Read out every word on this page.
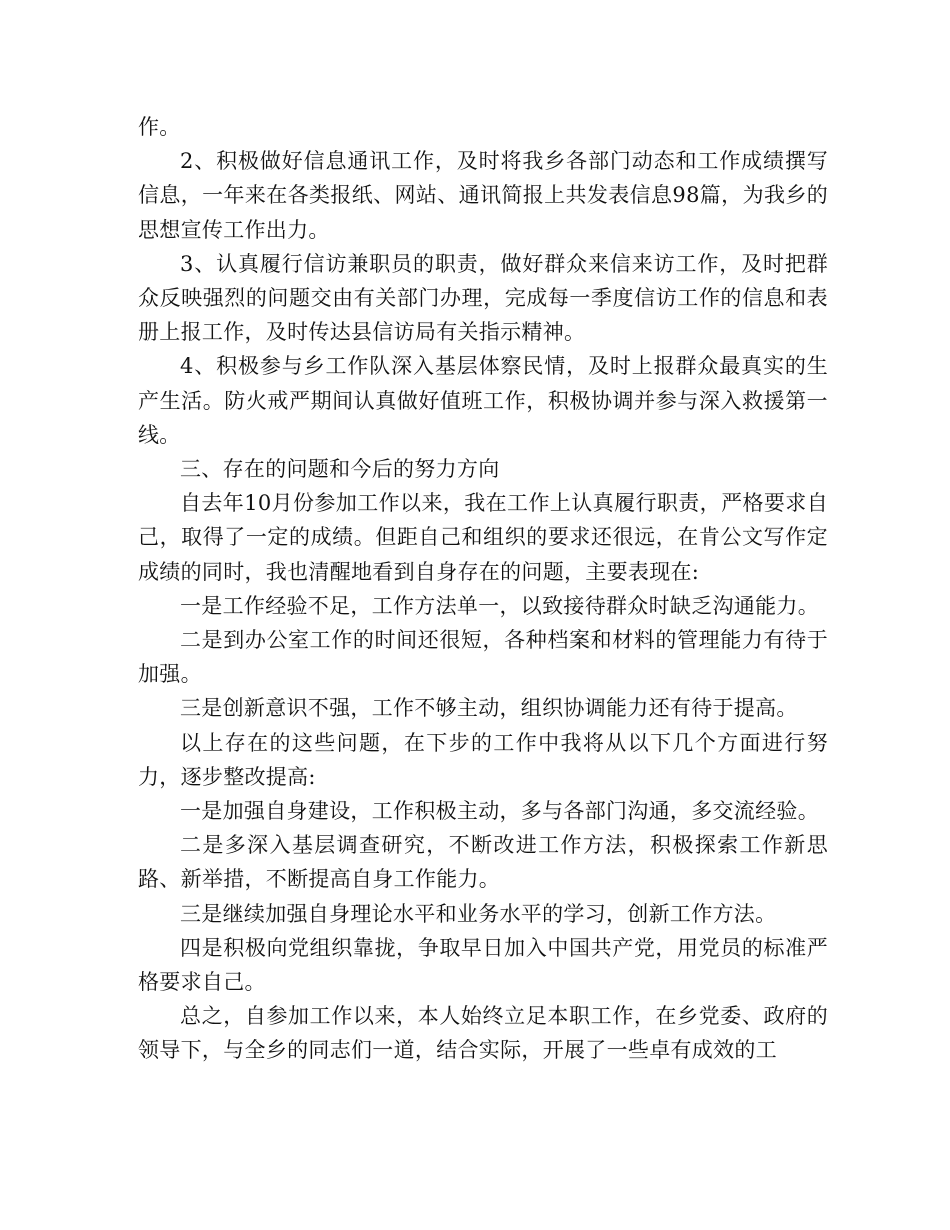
作。

2、积极做好信息通讯工作，及时将我乡各部门动态和工作成绩撰写信息，一年来在各类报纸、网站、通讯简报上共发表信息98篇，为我乡的思想宣传工作出力。

3、认真履行信访兼职员的职责，做好群众来信来访工作，及时把群众反映强烈的问题交由有关部门办理，完成每一季度信访工作的信息和表册上报工作，及时传达县信访局有关指示精神。

4、积极参与乡工作队深入基层体察民情，及时上报群众最真实的生产生活。防火戒严期间认真做好值班工作，积极协调并参与深入救援第一线。

三、存在的问题和今后的努力方向

自去年10月份参加工作以来，我在工作上认真履行职责，严格要求自己，取得了一定的成绩。但距自己和组织的要求还很远，在肯公文写作定成绩的同时，我也清醒地看到自身存在的问题，主要表现在:

一是工作经验不足，工作方法单一，以致接待群众时缺乏沟通能力。

二是到办公室工作的时间还很短，各种档案和材料的管理能力有待于加强。

三是创新意识不强，工作不够主动，组织协调能力还有待于提高。

以上存在的这些问题，在下步的工作中我将从以下几个方面进行努力，逐步整改提高:

一是加强自身建设，工作积极主动，多与各部门沟通，多交流经验。

二是多深入基层调查研究，不断改进工作方法，积极探索工作新思路、新举措，不断提高自身工作能力。

三是继续加强自身理论水平和业务水平的学习，创新工作方法。

四是积极向党组织靠拢，争取早日加入中国共产党，用党员的标准严格要求自己。

总之，自参加工作以来，本人始终立足本职工作，在乡党委、政府的领导下，与全乡的同志们一道，结合实际，开展了一些卓有成效的工
